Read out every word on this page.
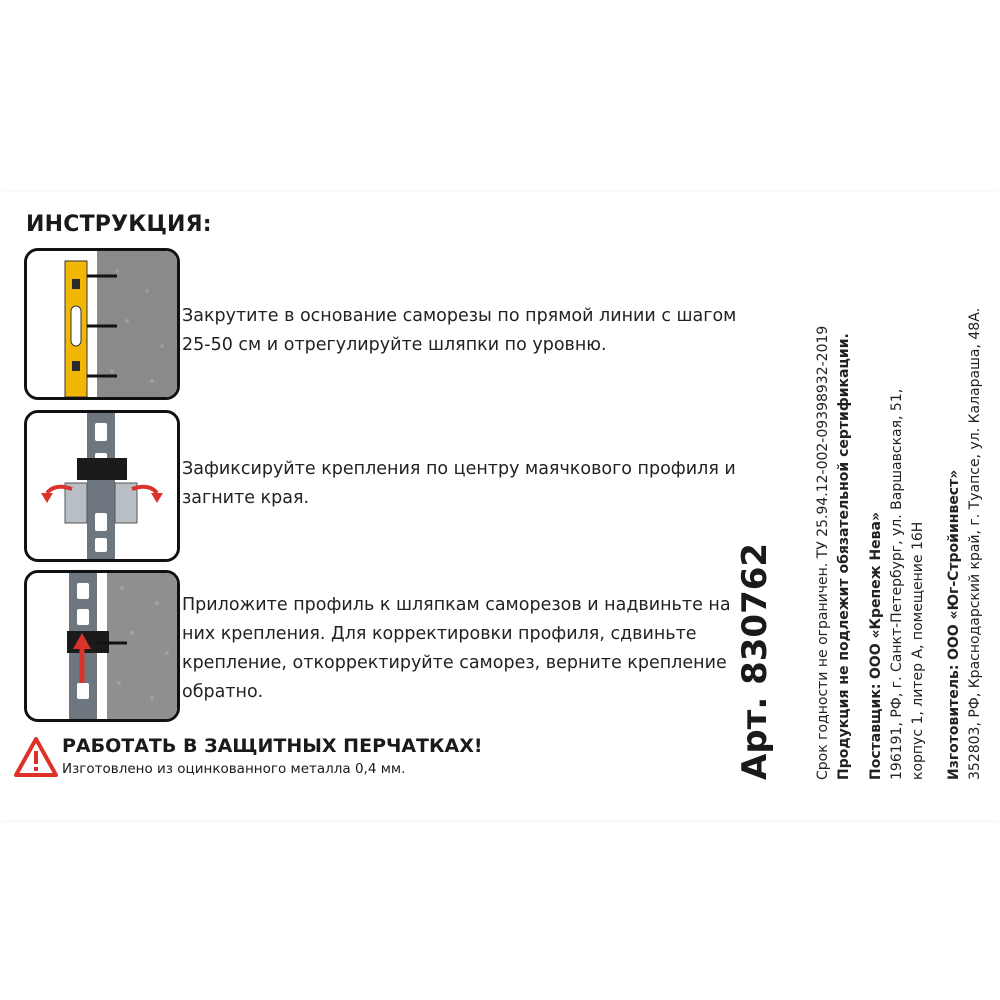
ИНСТРУКЦИЯ:
Закрутите в основание саморезы по прямой линии с шагом 25-50 см и отрегулируйте шляпки по уровню.
Зафиксируйте крепления по центру маячкового профиля и загните края.
Приложите профиль к шляпкам саморезов и надвиньте на них крепления. Для корректировки профиля, сдвиньте крепление, откорректируйте саморез, верните крепление обратно.
РАБОТАТЬ В ЗАЩИТНЫХ ПЕРЧАТКАХ!
Изготовлено из оцинкованного металла 0,4 мм.	Арт. 830762	Срок годности не ограничен. ТУ 25.94.12-002-09398932-2019 Продукция не подлежит обязательной сертификации. Поставщик: ООО «Крепеж Нева» 196191, РФ, г. Санкт-Петербург, ул. Варшавская, 51, корпус 1, литер А, помещение 16Н Изготовитель: ООО «Юг-Стройинвест» 352803, РФ, Краснодарский край, г. Туапсе, ул. Калараша, 48А.
